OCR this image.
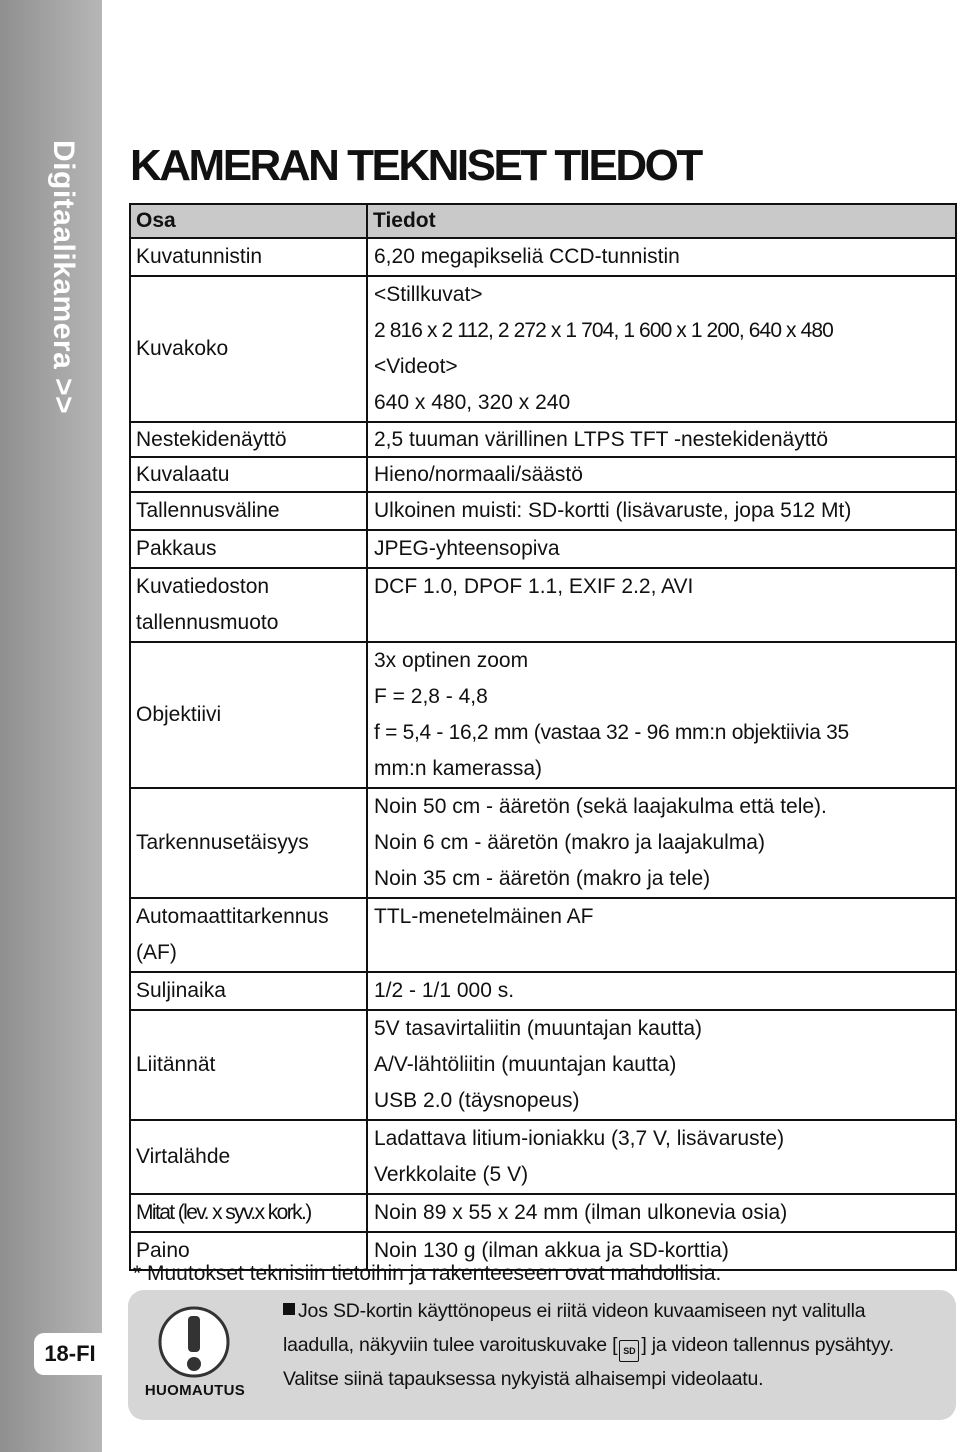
Digitaalikamera >>
18-FI
KAMERAN TEKNISET TIEDOT
Osa	Tiedot

Kuvatunnistin	6,20 megapikseliä CCD-tunnistin

Kuvakoko	<Stillkuvat>
2 816 x 2 112, 2 272 x 1 704, 1 600 x 1 200, 640 x 480
<Videot>
640 x 480, 320 x 240

Nestekidenäyttö	2,5 tuuman värillinen LTPS TFT -nestekidenäyttö

Kuvalaatu	Hieno/normaali/säästö

Tallennusväline	Ulkoinen muisti: SD-kortti (lisävaruste, jopa 512 Mt)

Pakkaus	JPEG-yhteensopiva

Kuvatiedoston
tallennusmuoto	DCF 1.0, DPOF 1.1, EXIF 2.2, AVI

Objektiivi	3x optinen zoom
F = 2,8 - 4,8
f = 5,4 - 16,2 mm (vastaa 32 - 96 mm:n objektiivia 35
mm:n kamerassa)

Tarkennusetäisyys	Noin 50 cm - ääretön (sekä laajakulma että tele).
Noin 6 cm - ääretön (makro ja laajakulma)
Noin 35 cm - ääretön (makro ja tele)

Automaattitarkennus
(AF)	TTL-menetelmäinen AF

Suljinaika	1/2 - 1/1 000 s.

Liitännät	5V tasavirtaliitin (muuntajan kautta)
A/V-lähtöliitin (muuntajan kautta)
USB 2.0 (täysnopeus)

Virtalähde	Ladattava litium-ioniakku (3,7 V, lisävaruste)
Verkkolaite (5 V)

Mitat (lev. x syv.x kork.)	Noin 89 x 55 x 24 mm (ilman ulkonevia osia)

Paino	Noin 130 g (ilman akkua ja SD-korttia)
* Muutokset teknisiin tietoihin ja rakenteeseen ovat mahdollisia.
HUOMAUTUS
Jos SD-kortin käyttönopeus ei riitä videon kuvaamiseen nyt valitulla
laadulla, näkyviin tulee varoituskuvake [ SD ] ja videon tallennus pysähtyy.
Valitse siinä tapauksessa nykyistä alhaisempi videolaatu.
